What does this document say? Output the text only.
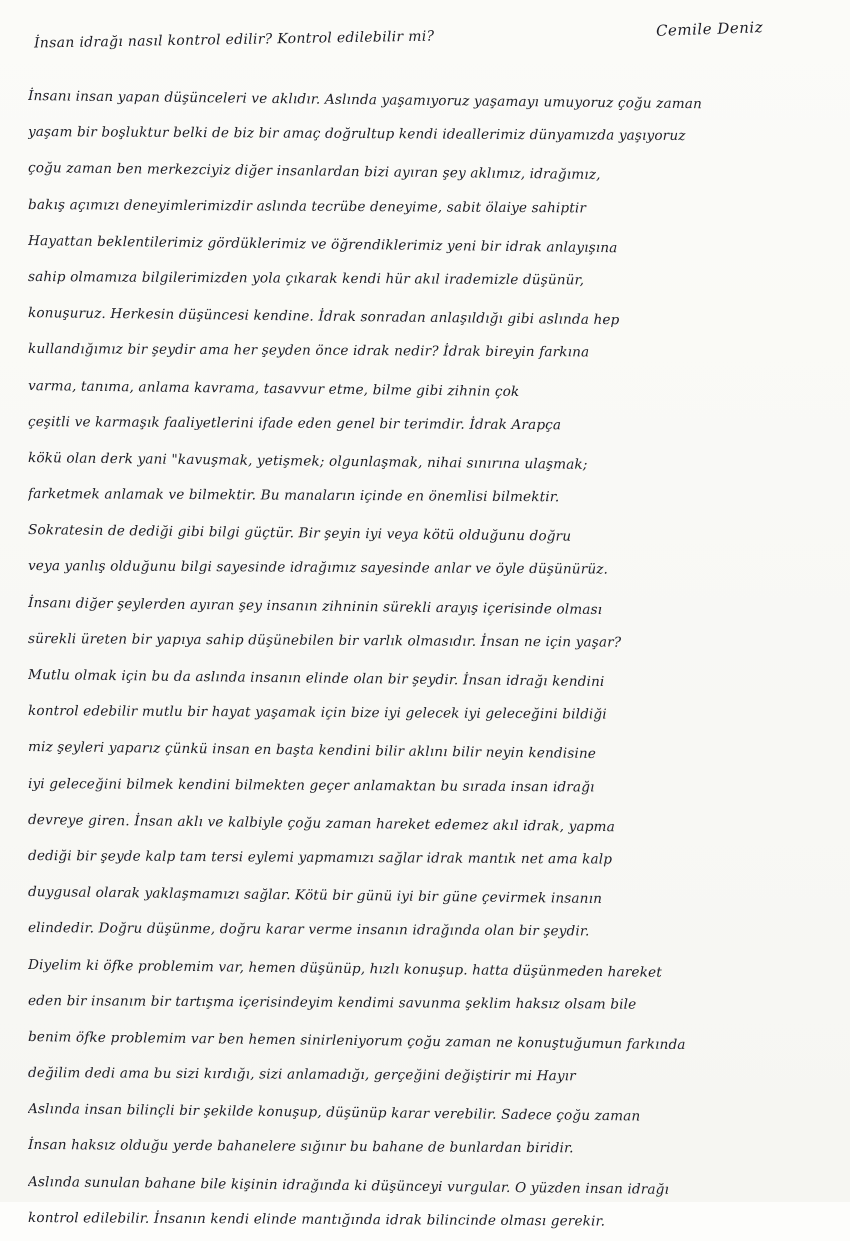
Cemile Deniz
İnsan idrağı nasıl kontrol edilir? Kontrol edilebilir mi?
İnsanı insan yapan düşünceleri ve aklıdır. Aslında yaşamıyoruz yaşamayı umuyoruz çoğu zaman
yaşam bir boşluktur belki de biz bir amaç doğrultup kendi ideallerimiz dünyamızda yaşıyoruz
çoğu zaman ben merkezciyiz diğer insanlardan bizi ayıran şey aklımız, idrağımız,
bakış açımızı deneyimlerimizdir aslında tecrübe deneyime, sabit ölaiye sahiptir
Hayattan beklentilerimiz gördüklerimiz ve öğrendiklerimiz yeni bir idrak anlayışına
sahip olmamıza bilgilerimizden yola çıkarak kendi hür akıl irademizle düşünür,
konuşuruz. Herkesin düşüncesi kendine. İdrak sonradan anlaşıldığı gibi aslında hep
kullandığımız bir şeydir ama her şeyden önce idrak nedir? İdrak bireyin farkına
varma, tanıma, anlama kavrama, tasavvur etme, bilme gibi zihnin çok
çeşitli ve karmaşık faaliyetlerini ifade eden genel bir terimdir. İdrak Arapça
kökü olan derk yani "kavuşmak, yetişmek; olgunlaşmak, nihai sınırına ulaşmak;
farketmek anlamak ve bilmektir. Bu manaların içinde en önemlisi bilmektir.
Sokratesin de dediği gibi bilgi güçtür. Bir şeyin iyi veya kötü olduğunu doğru
veya yanlış olduğunu bilgi sayesinde idrağımız sayesinde anlar ve öyle düşünürüz.
İnsanı diğer şeylerden ayıran şey insanın zihninin sürekli arayış içerisinde olması
sürekli üreten bir yapıya sahip düşünebilen bir varlık olmasıdır. İnsan ne için yaşar?
Mutlu olmak için bu da aslında insanın elinde olan bir şeydir. İnsan idrağı kendini
kontrol edebilir mutlu bir hayat yaşamak için bize iyi gelecek iyi geleceğini bildiği
miz şeyleri yaparız çünkü insan en başta kendini bilir aklını bilir neyin kendisine
iyi geleceğini bilmek kendini bilmekten geçer anlamaktan bu sırada insan idrağı
devreye giren. İnsan aklı ve kalbiyle çoğu zaman hareket edemez akıl idrak, yapma
dediği bir şeyde kalp tam tersi eylemi yapmamızı sağlar idrak mantık net ama kalp
duygusal olarak yaklaşmamızı sağlar. Kötü bir günü iyi bir güne çevirmek insanın
elindedir. Doğru düşünme, doğru karar verme insanın idrağında olan bir şeydir.
Diyelim ki öfke problemim var, hemen düşünüp, hızlı konuşup. hatta düşünmeden hareket
eden bir insanım bir tartışma içerisindeyim kendimi savunma şeklim haksız olsam bile
benim öfke problemim var ben hemen sinirleniyorum çoğu zaman ne konuştuğumun farkında
değilim dedi ama bu sizi kırdığı, sizi anlamadığı, gerçeğini değiştirir mi Hayır
Aslında insan bilinçli bir şekilde konuşup, düşünüp karar verebilir. Sadece çoğu zaman
İnsan haksız olduğu yerde bahanelere sığınır bu bahane de bunlardan biridir.
Aslında sunulan bahane bile kişinin idrağında ki düşünceyi vurgular. O yüzden insan idrağı
kontrol edilebilir. İnsanın kendi elinde mantığında idrak bilincinde olması gerekir.
